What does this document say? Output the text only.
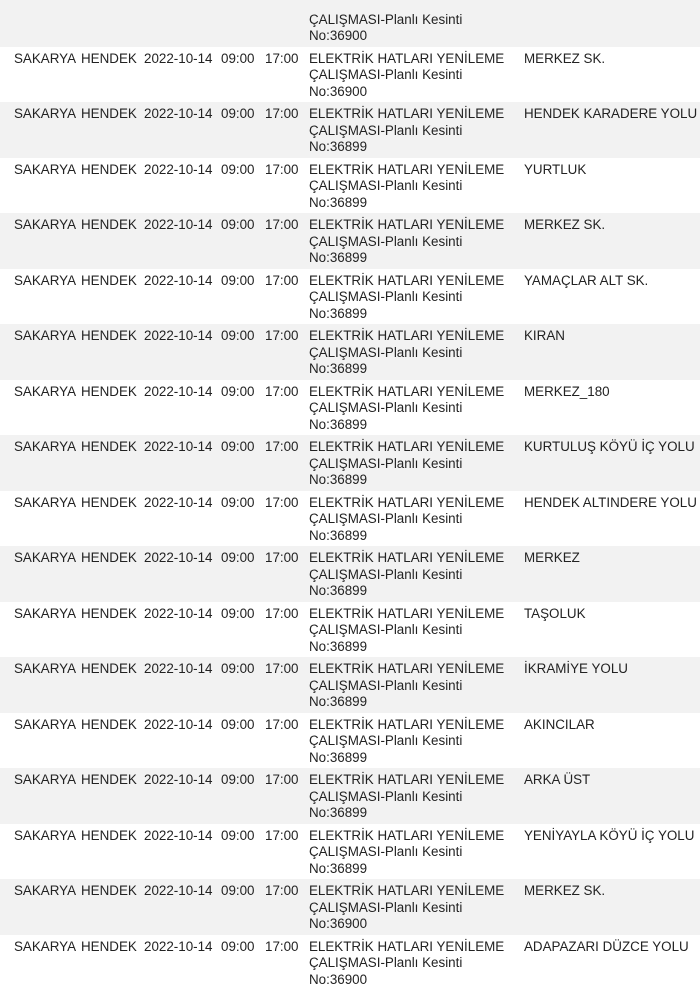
ÇALIŞMASI-Planlı Kesinti
No:36900
SAKARYA HENDEK 2022-10-14 09:00 17:00 ELEKTRİK HATLARI YENİLEME
ÇALIŞMASI-Planlı Kesinti
No:36900
MERKEZ SK.
SAKARYA HENDEK 2022-10-14 09:00 17:00 ELEKTRİK HATLARI YENİLEME
ÇALIŞMASI-Planlı Kesinti
No:36899
HENDEK KARADERE YOLU
SAKARYA HENDEK 2022-10-14 09:00 17:00 ELEKTRİK HATLARI YENİLEME
ÇALIŞMASI-Planlı Kesinti
No:36899
YURTLUK
SAKARYA HENDEK 2022-10-14 09:00 17:00 ELEKTRİK HATLARI YENİLEME
ÇALIŞMASI-Planlı Kesinti
No:36899
MERKEZ SK.
SAKARYA HENDEK 2022-10-14 09:00 17:00 ELEKTRİK HATLARI YENİLEME
ÇALIŞMASI-Planlı Kesinti
No:36899
YAMAÇLAR ALT SK.
SAKARYA HENDEK 2022-10-14 09:00 17:00 ELEKTRİK HATLARI YENİLEME
ÇALIŞMASI-Planlı Kesinti
No:36899
KIRAN
SAKARYA HENDEK 2022-10-14 09:00 17:00 ELEKTRİK HATLARI YENİLEME
ÇALIŞMASI-Planlı Kesinti
No:36899
MERKEZ_180
SAKARYA HENDEK 2022-10-14 09:00 17:00 ELEKTRİK HATLARI YENİLEME
ÇALIŞMASI-Planlı Kesinti
No:36899
KURTULUŞ KÖYÜ İÇ YOLU
SAKARYA HENDEK 2022-10-14 09:00 17:00 ELEKTRİK HATLARI YENİLEME
ÇALIŞMASI-Planlı Kesinti
No:36899
HENDEK ALTINDERE YOLU
SAKARYA HENDEK 2022-10-14 09:00 17:00 ELEKTRİK HATLARI YENİLEME
ÇALIŞMASI-Planlı Kesinti
No:36899
MERKEZ
SAKARYA HENDEK 2022-10-14 09:00 17:00 ELEKTRİK HATLARI YENİLEME
ÇALIŞMASI-Planlı Kesinti
No:36899
TAŞOLUK
SAKARYA HENDEK 2022-10-14 09:00 17:00 ELEKTRİK HATLARI YENİLEME
ÇALIŞMASI-Planlı Kesinti
No:36899
İKRAMİYE YOLU
SAKARYA HENDEK 2022-10-14 09:00 17:00 ELEKTRİK HATLARI YENİLEME
ÇALIŞMASI-Planlı Kesinti
No:36899
AKINCILAR
SAKARYA HENDEK 2022-10-14 09:00 17:00 ELEKTRİK HATLARI YENİLEME
ÇALIŞMASI-Planlı Kesinti
No:36899
ARKA ÜST
SAKARYA HENDEK 2022-10-14 09:00 17:00 ELEKTRİK HATLARI YENİLEME
ÇALIŞMASI-Planlı Kesinti
No:36899
YENİYAYLA KÖYÜ İÇ YOLU
SAKARYA HENDEK 2022-10-14 09:00 17:00 ELEKTRİK HATLARI YENİLEME
ÇALIŞMASI-Planlı Kesinti
No:36900
MERKEZ SK.
SAKARYA HENDEK 2022-10-14 09:00 17:00 ELEKTRİK HATLARI YENİLEME
ÇALIŞMASI-Planlı Kesinti
No:36900
ADAPAZARI DÜZCE YOLU
